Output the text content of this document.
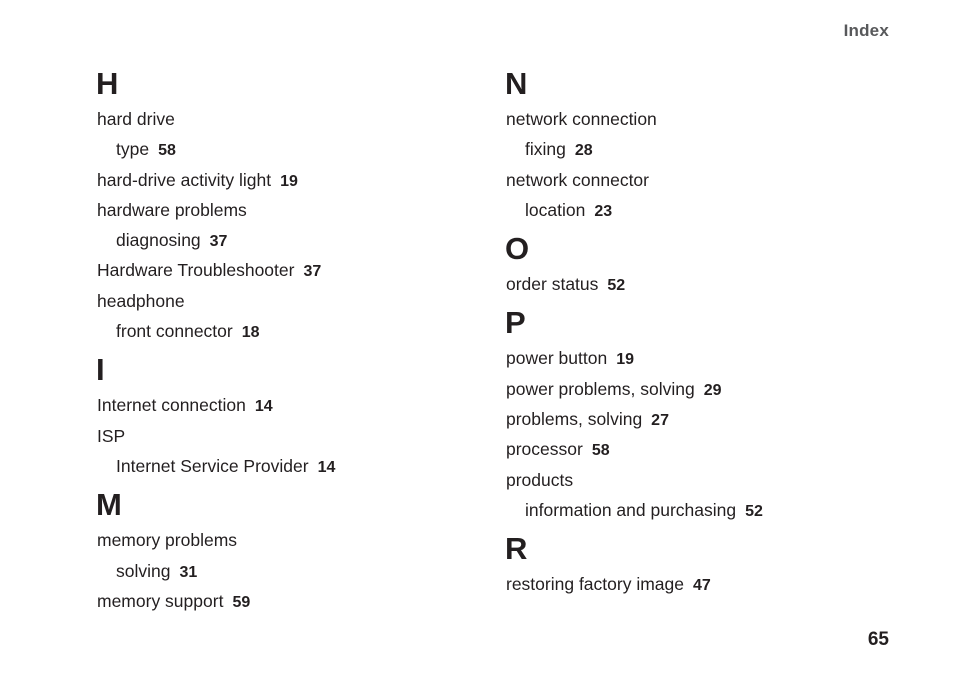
Index
H
hard drive
type 58
hard-drive activity light 19
hardware problems
diagnosing 37
Hardware Troubleshooter 37
headphone
front connector 18
I
Internet connection 14
ISP
Internet Service Provider 14
M
memory problems
solving 31
memory support 59
N
network connection
fixing 28
network connector
location 23
O
order status 52
P
power button 19
power problems, solving 29
problems, solving 27
processor 58
products
information and purchasing 52
R
restoring factory image 47
65
